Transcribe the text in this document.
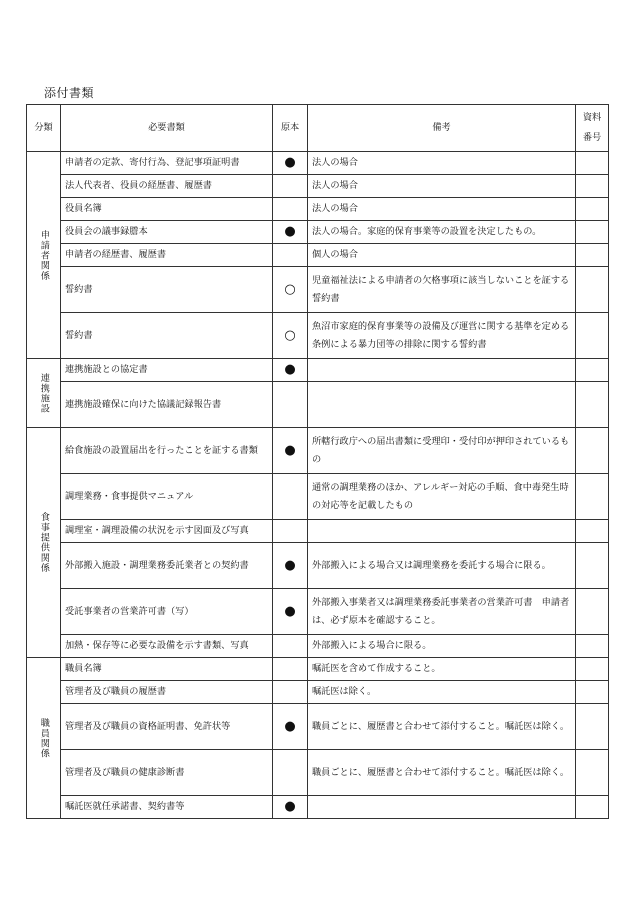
添付書類
分類	必要書類	原本	備考	資料番号
申請者関係	申請者の定款、寄付行為、登記事項証明書	●	法人の場合	
	法人代表者、役員の経歴書、履歴書		法人の場合	
	役員名簿		法人の場合	
	役員会の議事録謄本	●	法人の場合。家庭的保育事業等の設置を決定したもの。	
	申請者の経歴書、履歴書		個人の場合	
	誓約書	○	児童福祉法による申請者の欠格事項に該当しないことを証する誓約書	
	誓約書	○	魚沼市家庭的保育事業等の設備及び運営に関する基準を定める条例による暴力団等の排除に関する誓約書	
連携施設	連携施設との協定書	●		
	連携施設確保に向けた協議記録報告書			
食事提供関係	給食施設の設置届出を行ったことを証する書類	●	所轄行政庁への届出書類に受理印・受付印が押印されているもの	
	調理業務・食事提供マニュアル		通常の調理業務のほか、アレルギー対応の手順、食中毒発生時の対応等を記載したもの	
	調理室・調理設備の状況を示す図面及び写真			
	外部搬入施設・調理業務委託業者との契約書	●	外部搬入による場合又は調理業務を委託する場合に限る。	
	受託事業者の営業許可書（写）	●	外部搬入事業者又は調理業務委託事業者の営業許可書　申請者は、必ず原本を確認すること。	
	加熱・保存等に必要な設備を示す書類、写真		外部搬入による場合に限る。	
職員関係	職員名簿		嘱託医を含めて作成すること。	
	管理者及び職員の履歴書		嘱託医は除く。	
	管理者及び職員の資格証明書、免許状等	●	職員ごとに、履歴書と合わせて添付すること。嘱託医は除く。	
	管理者及び職員の健康診断書		職員ごとに、履歴書と合わせて添付すること。嘱託医は除く。	
	嘱託医就任承諾書、契約書等	●		
